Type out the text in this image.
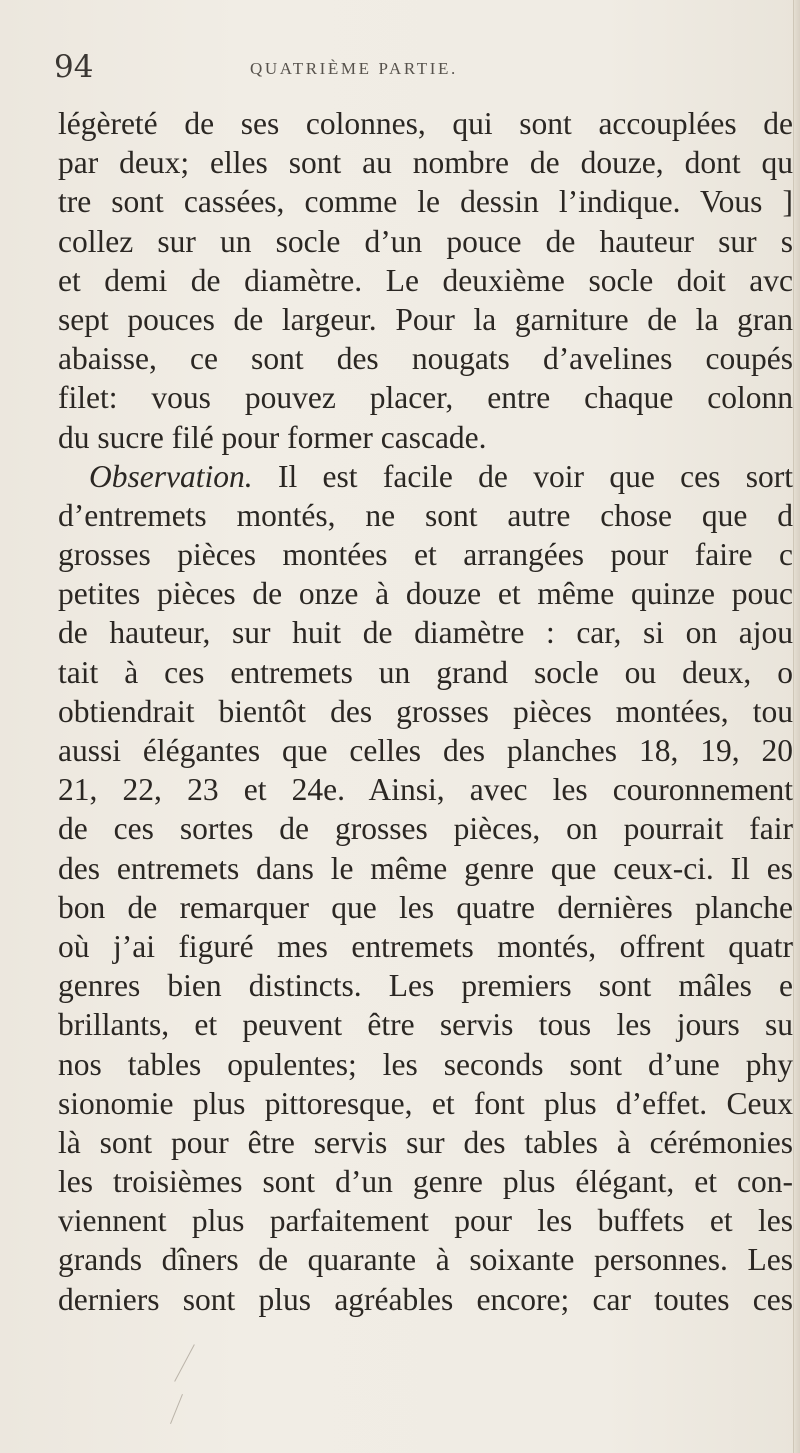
94	QUATRIÈME PARTIE.
légèreté de ses colonnes, qui sont accouplées de
par deux; elles sont au nombre de douze, dont qu
tre sont cassées, comme le dessin l’indique. Vous ]
collez sur un socle d’un pouce de hauteur sur s
et demi de diamètre. Le deuxième socle doit avc
sept pouces de largeur. Pour la garniture de la gran
abaisse, ce sont des nougats d’avelines coupés
filet: vous pouvez placer, entre chaque colonn
du sucre filé pour former cascade.
Observation. Il est facile de voir que ces sort
d’entremets montés, ne sont autre chose que d
grosses pièces montées et arrangées pour faire c
petites pièces de onze à douze et même quinze pouc
de hauteur, sur huit de diamètre : car, si on ajou
tait à ces entremets un grand socle ou deux, o
obtiendrait bientôt des grosses pièces montées, tou
aussi élégantes que celles des planches 18, 19, 20
21, 22, 23 et 24e. Ainsi, avec les couronnement
de ces sortes de grosses pièces, on pourrait fair
des entremets dans le même genre que ceux-ci. Il es
bon de remarquer que les quatre dernières planche
où j’ai figuré mes entremets montés, offrent quatr
genres bien distincts. Les premiers sont mâles e
brillants, et peuvent être servis tous les jours su
nos tables opulentes; les seconds sont d’une phy
sionomie plus pittoresque, et font plus d’effet. Ceux
là sont pour être servis sur des tables à cérémonies
les troisièmes sont d’un genre plus élégant, et con-
viennent plus parfaitement pour les buffets et les
grands dîners de quarante à soixante personnes. Les
derniers sont plus agréables encore; car toutes ces
